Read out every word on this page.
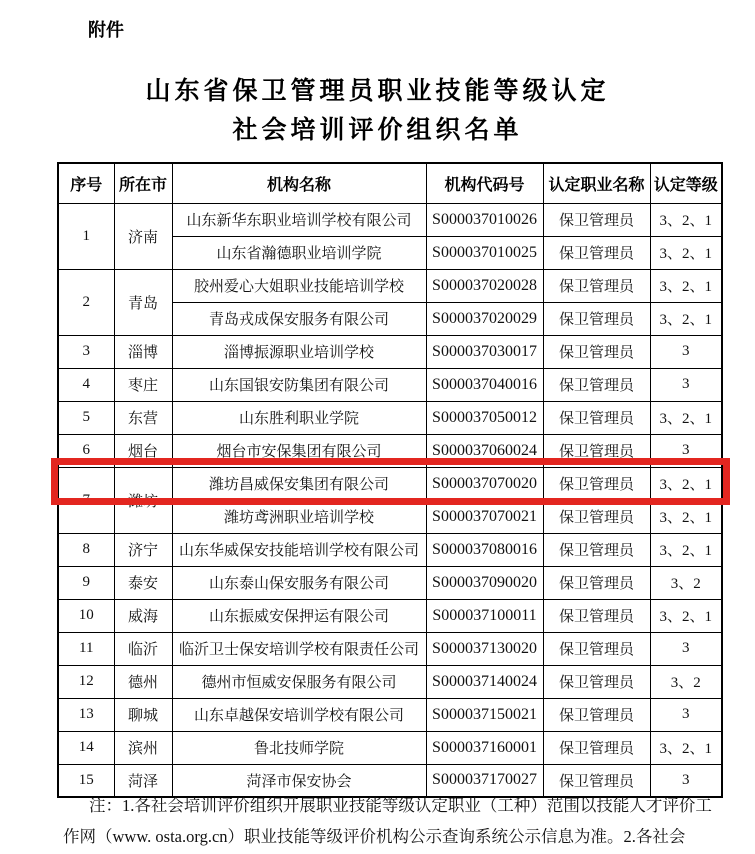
附件
山东省保卫管理员职业技能等级认定
社会培训评价组织名单
序号	所在市	机构名称	机构代码号	认定职业名称	认定等级
1	济南	山东新华东职业培训学校有限公司	S000037010026	保卫管理员	3、2、1
		山东省瀚德职业培训学院	S000037010025	保卫管理员	3、2、1
2	青岛	胶州爱心大姐职业技能培训学校	S000037020028	保卫管理员	3、2、1
		青岛戎成保安服务有限公司	S000037020029	保卫管理员	3、2、1
3	淄博	淄博振源职业培训学校	S000037030017	保卫管理员	3
4	枣庄	山东国银安防集团有限公司	S000037040016	保卫管理员	3
5	东营	山东胜利职业学院	S000037050012	保卫管理员	3、2、1
6	烟台	烟台市安保集团有限公司	S000037060024	保卫管理员	3
7	潍坊	潍坊昌威保安集团有限公司	S000037070020	保卫管理员	3、2、1
		潍坊鸢洲职业培训学校	S000037070021	保卫管理员	3、2、1
8	济宁	山东华威保安技能培训学校有限公司	S000037080016	保卫管理员	3、2、1
9	泰安	山东泰山保安服务有限公司	S000037090020	保卫管理员	3、2
10	威海	山东振威安保押运有限公司	S000037100011	保卫管理员	3、2、1
11	临沂	临沂卫士保安培训学校有限责任公司	S000037130020	保卫管理员	3
12	德州	德州市恒威安保服务有限公司	S000037140024	保卫管理员	3、2
13	聊城	山东卓越保安培训学校有限公司	S000037150021	保卫管理员	3
14	滨州	鲁北技师学院	S000037160001	保卫管理员	3、2、1
15	菏泽	菏泽市保安协会	S000037170027	保卫管理员	3
注：1.各社会培训评价组织开展职业技能等级认定职业（工种）范围以技能人才评价工
作网（www. osta.org.cn）职业技能等级评价机构公示查询系统公示信息为准。2.各社会
